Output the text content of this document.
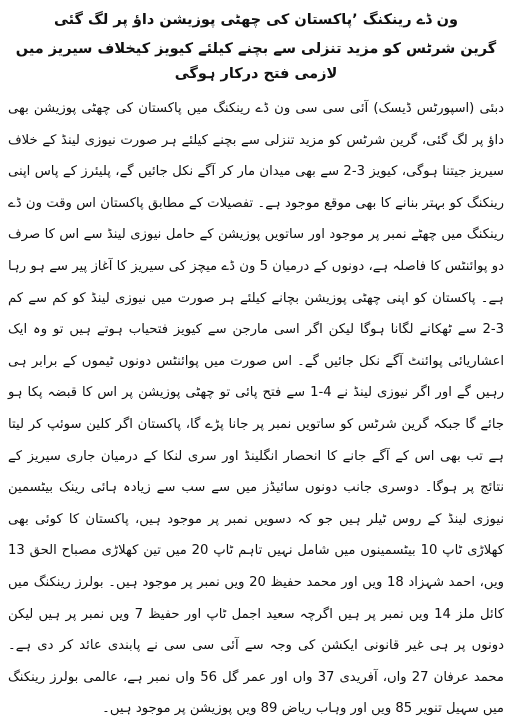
ون ڈے رینکنگ ’پاکستان کی چھٹی پوزیشن داؤ پر لگ گئی
گرین شرٹس کو مزید تنزلی سے بچنے کیلئے کیویز کیخلاف سیریز میں لازمی فتح درکار ہوگی

دبئی (اسپورٹس ڈیسک) آئی سی سی ون ڈے رینکنگ میں پاکستان کی چھٹی پوزیشن بھی داؤ پر لگ گئی، گرین شرٹس کو مزید تنزلی سے بچنے کیلئے ہر صورت نیوزی لینڈ کے خلاف سیریز جیتنا ہوگی، کیویز 3-2 سے بھی میدان مار کر آگے نکل جائیں گے، پلیئرز کے پاس اپنی رینکنگ کو بہتر بنانے کا بھی موقع موجود ہے۔ تفصیلات کے مطابق پاکستان اس وقت ون ڈے رینکنگ میں چھٹے نمبر پر موجود اور ساتویں پوزیشن کے حامل نیوزی لینڈ سے اس کا صرف دو پوائنٹس کا فاصلہ ہے، دونوں کے درمیان 5 ون ڈے میچز کی سیریز کا آغاز پیر سے ہو رہا ہے۔ پاکستان کو اپنی چھٹی پوزیشن بچانے کیلئے ہر صورت میں نیوزی لینڈ کو کم سے کم 3-2 سے ٹھکانے لگانا ہوگا لیکن اگر اسی مارجن سے کیویز فتحیاب ہوتے ہیں تو وہ ایک اعشاریائی پوائنٹ آگے نکل جائیں گے۔ اس صورت میں پوائنٹس دونوں ٹیموں کے برابر ہی رہیں گے اور اگر نیوزی لینڈ نے 4-1 سے فتح پائی تو چھٹی پوزیشن پر اس کا قبضہ پکا ہو جائے گا جبکہ گرین شرٹس کو ساتویں نمبر پر جانا پڑے گا، پاکستان اگر کلین سوئپ کر لیتا ہے تب بھی اس کے آگے جانے کا انحصار انگلینڈ اور سری لنکا کے درمیان جاری سیریز کے نتائج پر ہوگا۔ دوسری جانب دونوں سائیڈز میں سے سب سے زیادہ ہائی رینک بیٹسمین نیوزی لینڈ کے روس ٹیلر ہیں جو کہ دسویں نمبر پر موجود ہیں، پاکستان کا کوئی بھی کھلاڑی ٹاپ 10 بیٹسمینوں میں شامل نہیں تاہم ٹاپ 20 میں تین کھلاڑی مصباح الحق 13 ویں، احمد شہزاد 18 ویں اور محمد حفیظ 20 ویں نمبر پر موجود ہیں۔ بولرز رینکنگ میں کائل ملز 14 ویں نمبر پر ہیں اگرچہ سعید اجمل ٹاپ اور حفیظ 7 ویں نمبر پر ہیں لیکن دونوں پر ہی غیر قانونی ایکشن کی وجہ سے آئی سی سی نے پابندی عائد کر دی ہے۔ محمد عرفان 27 واں، آفریدی 37 واں اور عمر گل 56 واں نمبر ہے، عالمی بولرز رینکنگ میں سہیل تنویر 85 ویں اور وہاب ریاض 89 ویں پوزیشن پر موجود ہیں۔
